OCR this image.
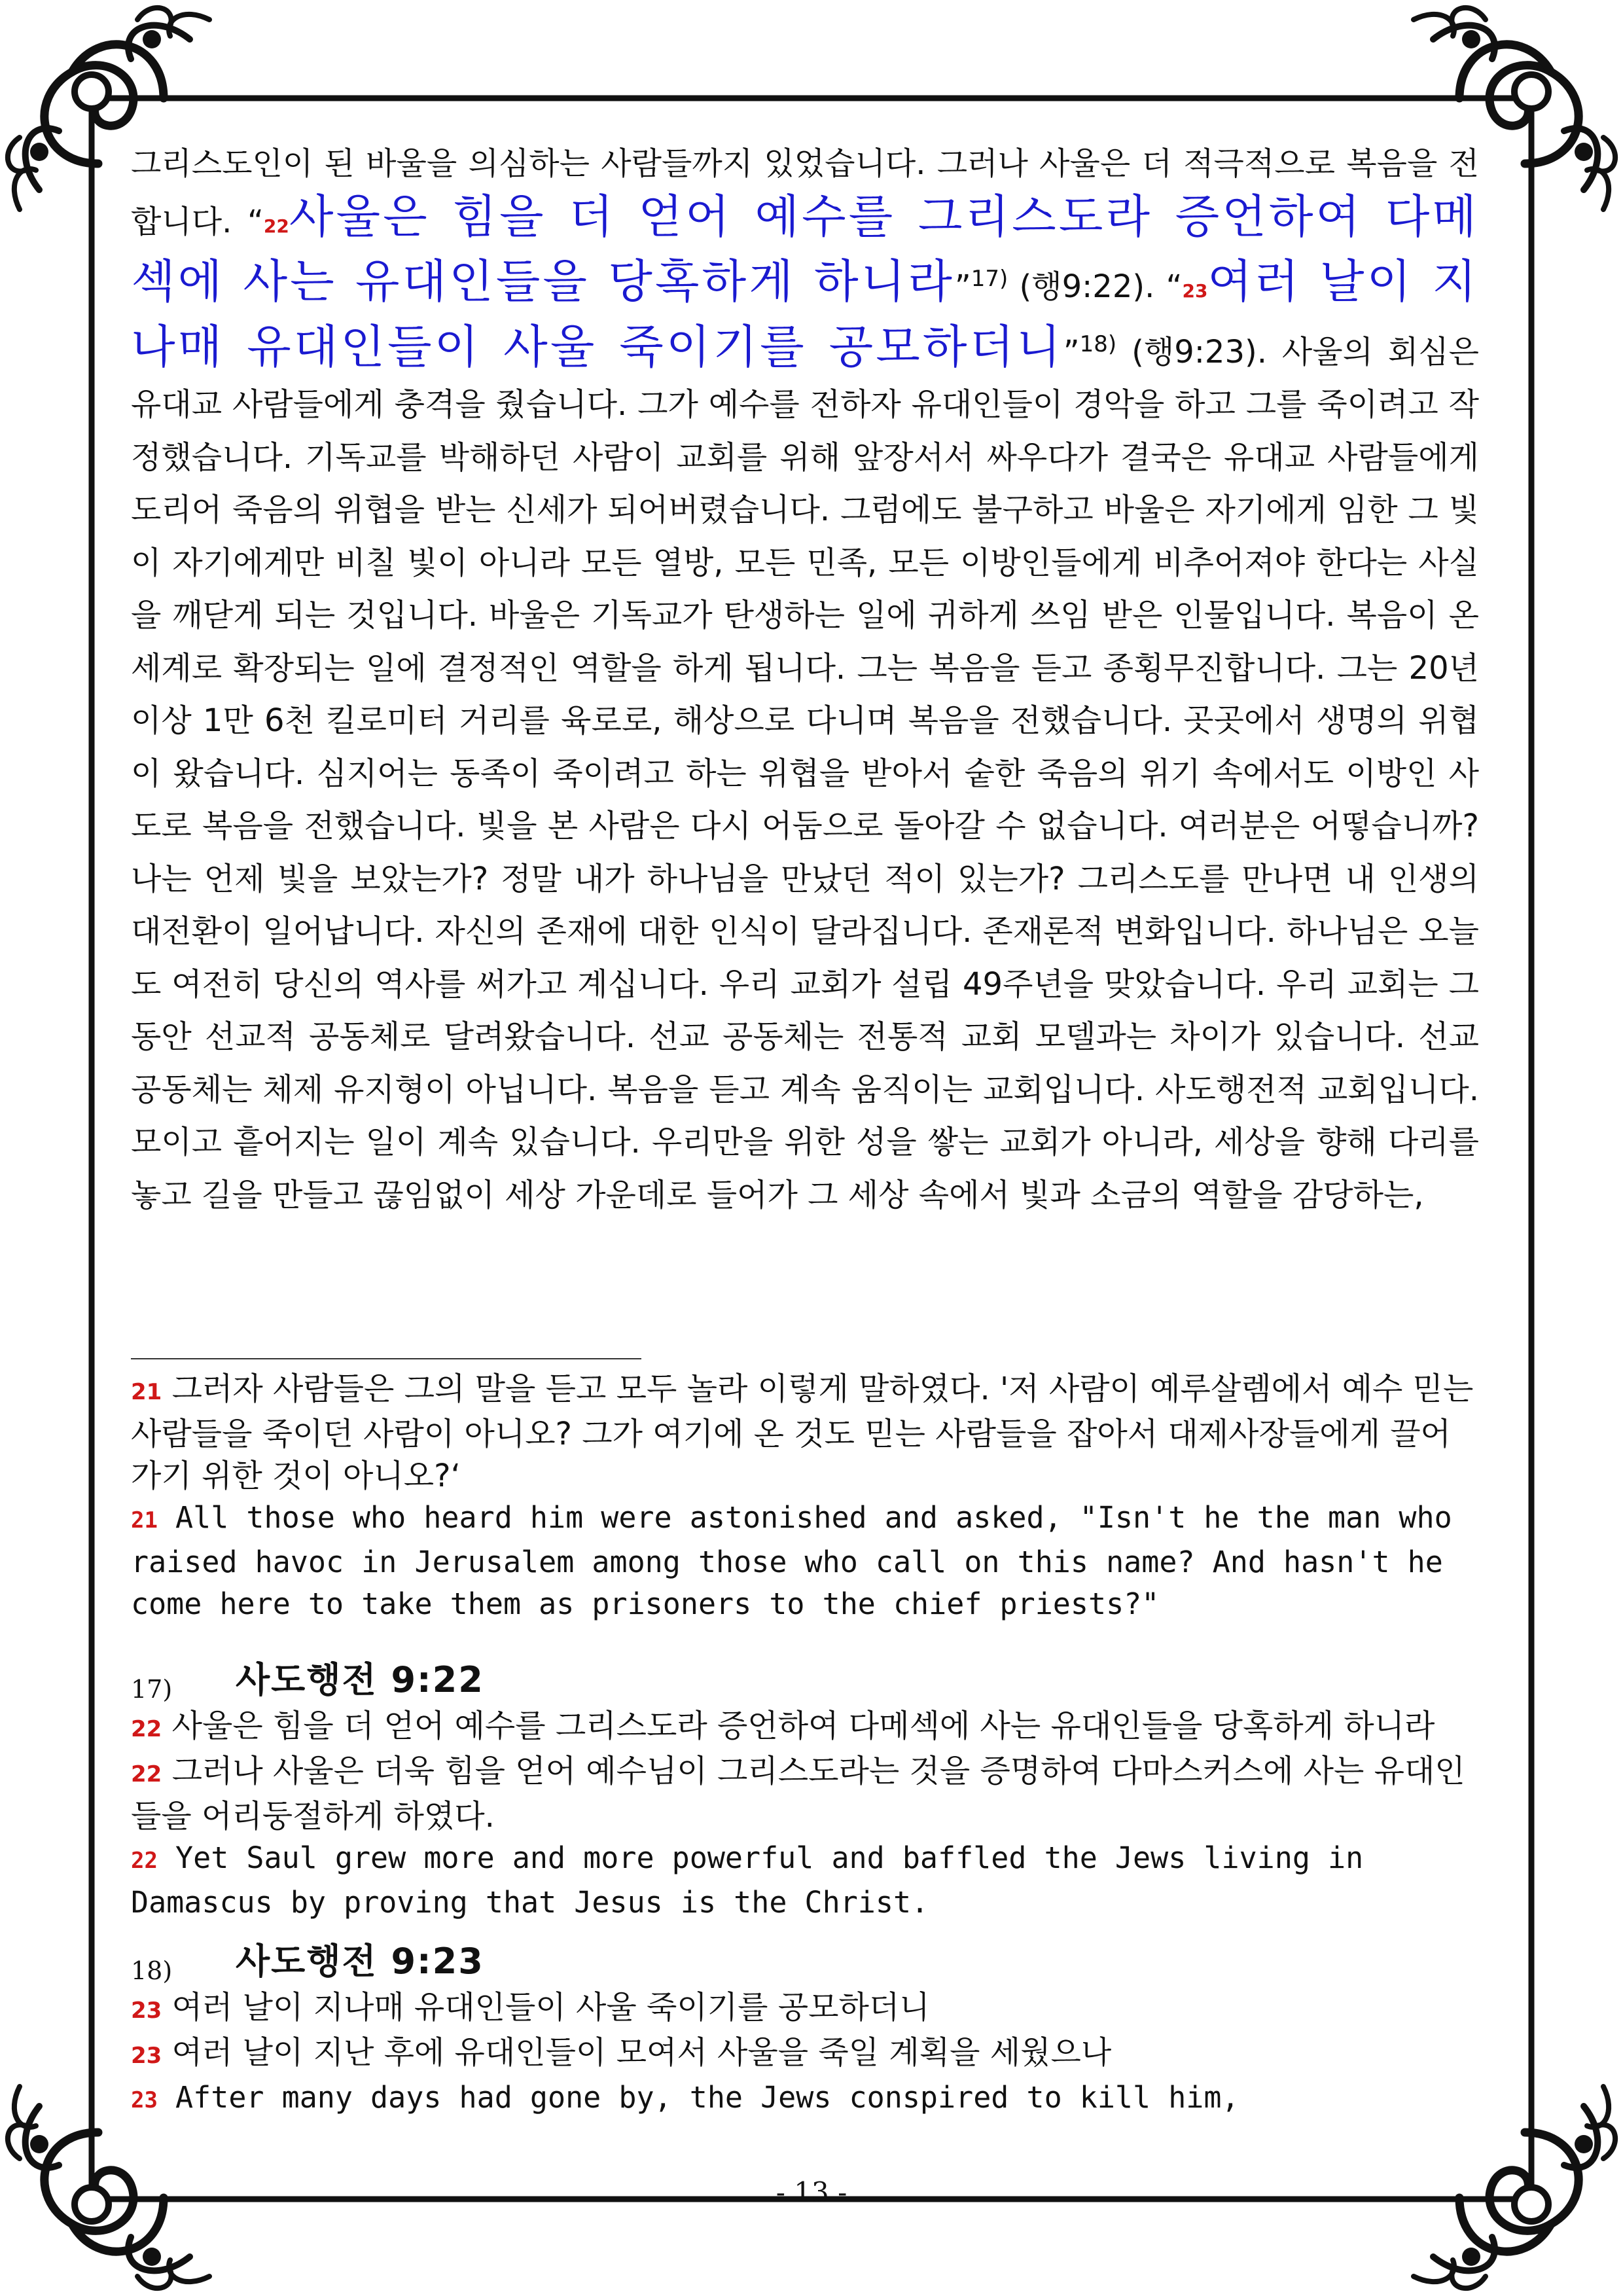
그리스도인이 된 바울을 의심하는 사람들까지 있었습니다. 그러나 사울은 더 적극적으로 복음을 전합니다. “22사울은 힘을 더 얻어 예수를 그리스도라 증언하여 다메섹에 사는 유대인들을 당혹하게 하니라”$^{17)}$ (행9:22). “23여러 날이 지나매 유대인들이 사울 죽이기를 공모하더니”$^{18)}$ (행9:23). 사울의 회심은 유대교 사람들에게 충격을 줬습니다. 그가 예수를 전하자 유대인들이 경악을 하고 그를 죽이려고 작정했습니다. 기독교를 박해하던 사람이 교회를 위해 앞장서서 싸우다가 결국은 유대교 사람들에게 도리어 죽음의 위협을 받는 신세가 되어버렸습니다. 그럼에도 불구하고 바울은 자기에게 임한 그 빛이 자기에게만 비칠 빛이 아니라 모든 열방, 모든 민족, 모든 이방인들에게 비추어져야 한다는 사실을 깨닫게 되는 것입니다. 바울은 기독교가 탄생하는 일에 귀하게 쓰임 받은 인물입니다. 복음이 온 세계로 확장되는 일에 결정적인 역할을 하게 됩니다. 그는 복음을 듣고 종횡무진합니다. 그는 20년 이상 1만 6천 킬로미터 거리를 육로로, 해상으로 다니며 복음을 전했습니다. 곳곳에서 생명의 위협이 왔습니다. 심지어는 동족이 죽이려고 하는 위협을 받아서 숱한 죽음의 위기 속에서도 이방인 사도로 복음을 전했습니다. 빛을 본 사람은 다시 어둠으로 돌아갈 수 없습니다. 여러분은 어떻습니까? 나는 언제 빛을 보았는가? 정말 내가 하나님을 만났던 적이 있는가? 그리스도를 만나면 내 인생의 대전환이 일어납니다. 자신의 존재에 대한 인식이 달라집니다. 존재론적 변화입니다. 하나님은 오늘도 여전히 당신의 역사를 써가고 계십니다. 우리 교회가 설립 49주년을 맞았습니다. 우리 교회는 그동안 선교적 공동체로 달려왔습니다. 선교 공동체는 전통적 교회 모델과는 차이가 있습니다. 선교 공동체는 체제 유지형이 아닙니다. 복음을 듣고 계속 움직이는 교회입니다. 사도행전적 교회입니다. 모이고 흩어지는 일이 계속 있습니다. 우리만을 위한 성을 쌓는 교회가 아니라, 세상을 향해 다리를 놓고 길을 만들고 끊임없이 세상 가운데로 들어가 그 세상 속에서 빛과 소금의 역할을 감당하는,

21 그러자 사람들은 그의 말을 듣고 모두 놀라 이렇게 말하였다. '저 사람이 예루살렘에서 예수 믿는 사람들을 죽이던 사람이 아니오? 그가 여기에 온 것도 믿는 사람들을 잡아서 대제사장들에게 끌어가기 위한 것이 아니오?‘

21 All those who heard him were astonished and asked, "Isn't he the man who raised havoc in Jerusalem among those who call on this name? And hasn't he come here to take them as prisoners to the chief priests?"

17) 사도행전 9:22

22 사울은 힘을 더 얻어 예수를 그리스도라 증언하여 다메섹에 사는 유대인들을 당혹하게 하니라

22 그러나 사울은 더욱 힘을 얻어 예수님이 그리스도라는 것을 증명하여 다마스커스에 사는 유대인들을 어리둥절하게 하였다.

22 Yet Saul grew more and more powerful and baffled the Jews living in Damascus by proving that Jesus is the Christ.

18) 사도행전 9:23

23 여러 날이 지나매 유대인들이 사울 죽이기를 공모하더니

23 여러 날이 지난 후에 유대인들이 모여서 사울을 죽일 계획을 세웠으나

23 After many days had gone by, the Jews conspired to kill him,

- 13 -
